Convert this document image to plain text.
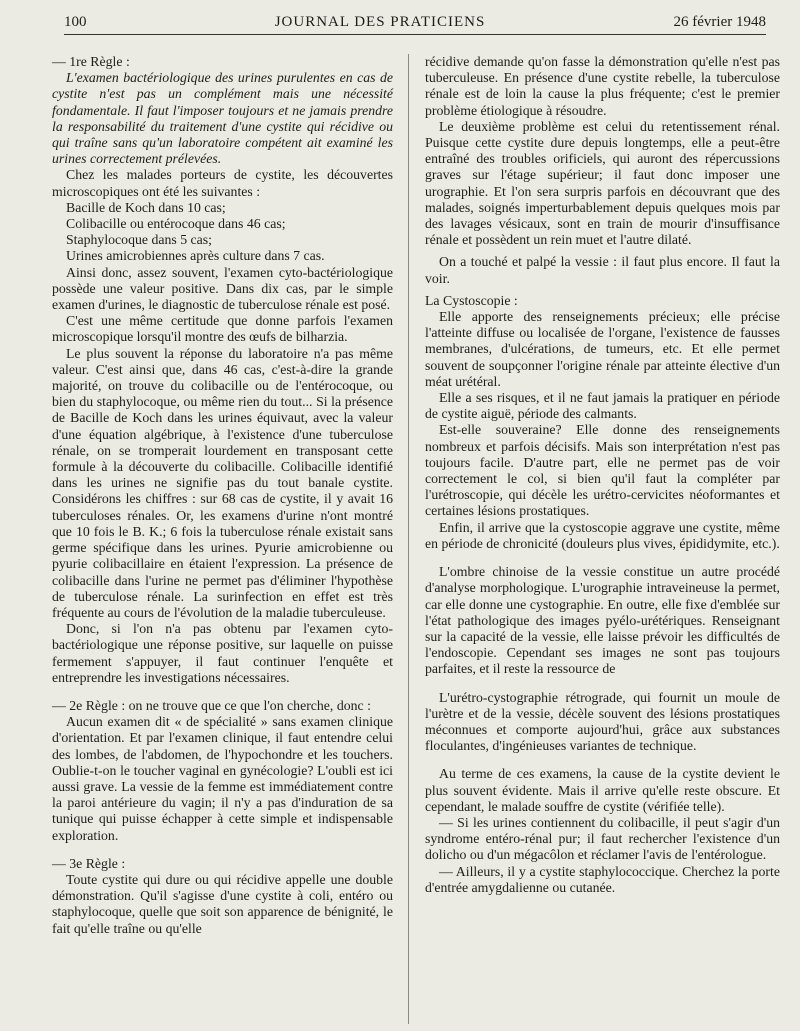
100	JOURNAL DES PRATICIENS	26 février 1948
— 1re Règle :

L'examen bactériologique des urines purulentes en cas de cystite n'est pas un complément mais une nécessité fondamentale. Il faut l'imposer toujours et ne jamais prendre la responsabilité du traitement d'une cystite qui récidive ou qui traîne sans qu'un laboratoire compétent ait examiné les urines correctement prélevées.

Chez les malades porteurs de cystite, les découvertes microscopiques ont été les suivantes :

Bacille de Koch dans 10 cas;

Colibacille ou entérocoque dans 46 cas;

Staphylocoque dans 5 cas;

Urines amicrobiennes après culture dans 7 cas.

Ainsi donc, assez souvent, l'examen cyto-bactériologique possède une valeur positive. Dans dix cas, par le simple examen d'urines, le diagnostic de tuberculose rénale est posé.

C'est une même certitude que donne parfois l'examen microscopique lorsqu'il montre des œufs de bilharzia.

Le plus souvent la réponse du laboratoire n'a pas même valeur. C'est ainsi que, dans 46 cas, c'est-à-dire la grande majorité, on trouve du colibacille ou de l'entérocoque, ou bien du staphylocoque, ou même rien du tout... Si la présence de Bacille de Koch dans les urines équivaut, avec la valeur d'une équation algébrique, à l'existence d'une tuberculose rénale, on se tromperait lourdement en transposant cette formule à la découverte du colibacille. Colibacille identifié dans les urines ne signifie pas du tout banale cystite. Considérons les chiffres : sur 68 cas de cystite, il y avait 16 tuberculoses rénales. Or, les examens d'urine n'ont montré que 10 fois le B. K.; 6 fois la tuberculose rénale existait sans germe spécifique dans les urines. Pyurie amicrobienne ou pyurie colibacillaire en étaient l'expression. La présence de colibacille dans l'urine ne permet pas d'éliminer l'hypothèse de tuberculose rénale. La surinfection en effet est très fréquente au cours de l'évolution de la maladie tuberculeuse.

Donc, si l'on n'a pas obtenu par l'examen cyto-bactériologique une réponse positive, sur laquelle on puisse fermement s'appuyer, il faut continuer l'enquête et entreprendre les investigations nécessaires.

— 2e Règle : on ne trouve que ce que l'on cherche, donc :

Aucun examen dit « de spécialité » sans examen clinique d'orientation. Et par l'examen clinique, il faut entendre celui des lombes, de l'abdomen, de l'hypochondre et les touchers. Oublie-t-on le toucher vaginal en gynécologie? L'oubli est ici aussi grave. La vessie de la femme est immédiatement contre la paroi antérieure du vagin; il n'y a pas d'induration de sa tunique qui puisse échapper à cette simple et indispensable exploration.

— 3e Règle :

Toute cystite qui dure ou qui récidive appelle une double démonstration. Qu'il s'agisse d'une cystite à coli, entéro ou staphylocoque, quelle que soit son apparence de bénignité, le fait qu'elle traîne ou qu'elle

récidive demande qu'on fasse la démonstration qu'elle n'est pas tuberculeuse. En présence d'une cystite rebelle, la tuberculose rénale est de loin la cause la plus fréquente; c'est le premier problème étiologique à résoudre.

Le deuxième problème est celui du retentissement rénal. Puisque cette cystite dure depuis longtemps, elle a peut-être entraîné des troubles orificiels, qui auront des répercussions graves sur l'étage supérieur; il faut donc imposer une urographie. Et l'on sera surpris parfois en découvrant que des malades, soignés imperturbablement depuis quelques mois par des lavages vésicaux, sont en train de mourir d'insuffisance rénale et possèdent un rein muet et l'autre dilaté.

On a touché et palpé la vessie : il faut plus encore. Il faut la voir.

La Cystoscopie :

Elle apporte des renseignements précieux; elle précise l'atteinte diffuse ou localisée de l'organe, l'existence de fausses membranes, d'ulcérations, de tumeurs, etc. Et elle permet souvent de soupçonner l'origine rénale par atteinte élective d'un méat urétéral.

Elle a ses risques, et il ne faut jamais la pratiquer en période de cystite aiguë, période des calmants.

Est-elle souveraine? Elle donne des renseignements nombreux et parfois décisifs. Mais son interprétation n'est pas toujours facile. D'autre part, elle ne permet pas de voir correctement le col, si bien qu'il faut la compléter par l'urétroscopie, qui décèle les urétro-cervicites néoformantes et certaines lésions prostatiques.

Enfin, il arrive que la cystoscopie aggrave une cystite, même en période de chronicité (douleurs plus vives, épididymite, etc.).

L'ombre chinoise de la vessie constitue un autre procédé d'analyse morphologique. L'urographie intraveineuse la permet, car elle donne une cystographie. En outre, elle fixe d'emblée sur l'état pathologique des images pyélo-urétériques. Renseignant sur la capacité de la vessie, elle laisse prévoir les difficultés de l'endoscopie. Cependant ses images ne sont pas toujours parfaites, et il reste la ressource de

L'urétro-cystographie rétrograde, qui fournit un moule de l'urètre et de la vessie, décèle souvent des lésions prostatiques méconnues et comporte aujourd'hui, grâce aux substances floculantes, d'ingénieuses variantes de technique.

Au terme de ces examens, la cause de la cystite devient le plus souvent évidente. Mais il arrive qu'elle reste obscure. Et cependant, le malade souffre de cystite (vérifiée telle).

— Si les urines contiennent du colibacille, il peut s'agir d'un syndrome entéro-rénal pur; il faut rechercher l'existence d'un dolicho ou d'un mégacôlon et réclamer l'avis de l'entérologue.

— Ailleurs, il y a cystite staphylococcique. Cherchez la porte d'entrée amygdalienne ou cutanée.
